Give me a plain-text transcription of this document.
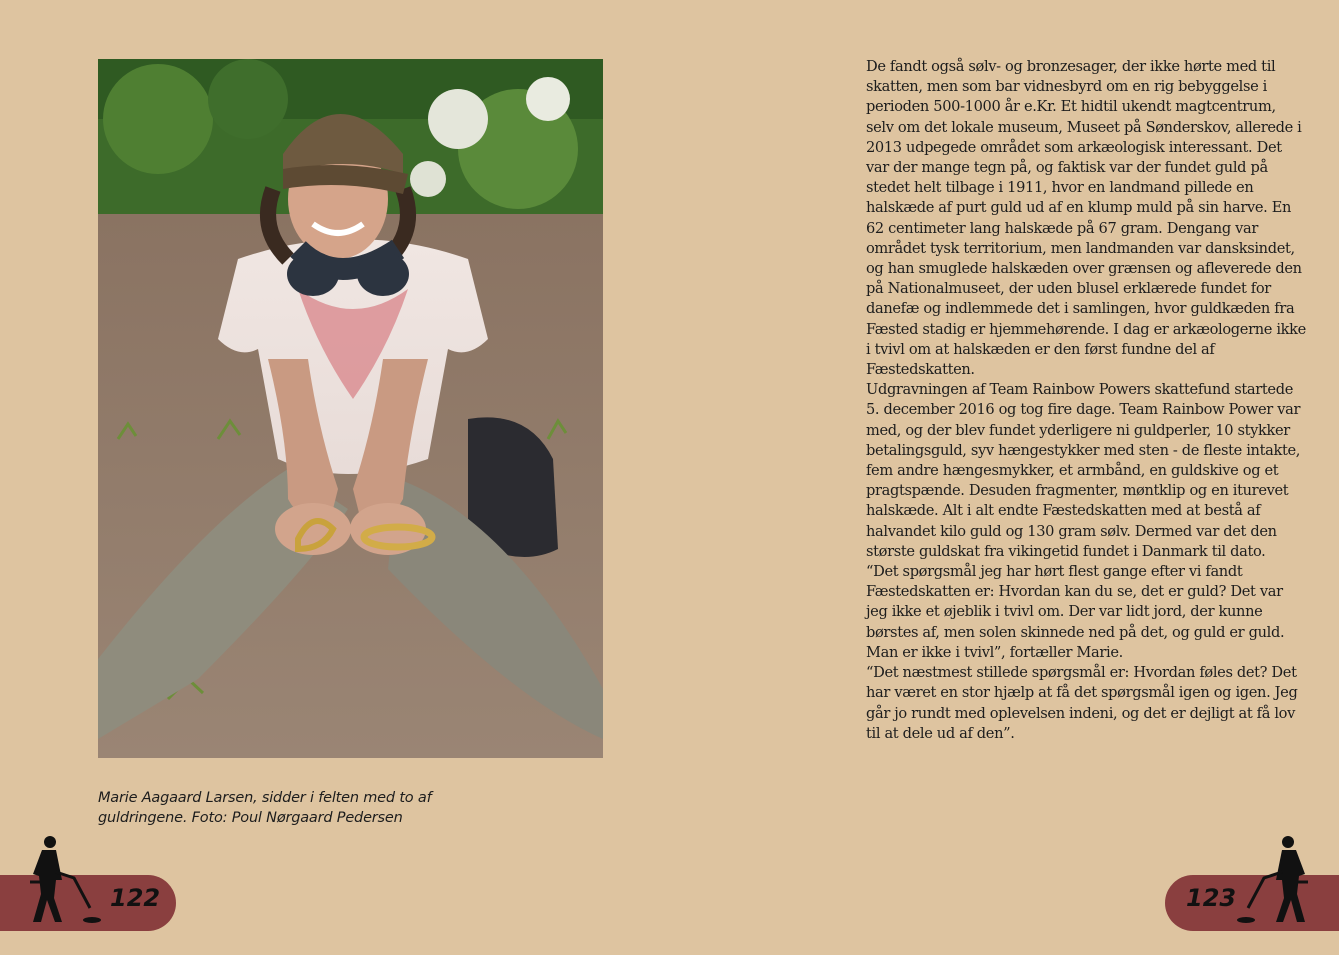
Marie Aagaard Larsen, sidder i felten med to af guldringene. Foto: Poul Nørgaard Pedersen
122

De fandt også sølv- og bronzesager, der ikke hørte med til skatten, men som bar vidnesbyrd om en rig bebyggelse i perioden 500-1000 år e.Kr. Et hidtil ukendt magtcentrum, selv om det lokale museum, Museet på Sønderskov, allerede i 2013 udpegede området som arkæologisk interessant. Det var der mange tegn på, og faktisk var der fundet guld på stedet helt tilbage i 1911, hvor en landmand pillede en halskæde af purt guld ud af en klump muld på sin harve. En 62 centimeter lang halskæde på 67 gram. Dengang var området tysk territorium, men landmanden var dansksindet, og han smuglede halskæden over grænsen og afleverede den på Nationalmuseet, der uden blusel erklærede fundet for danefæ og indlemmede det i samlingen, hvor guldkæden fra Fæsted stadig er hjemmehørende. I dag er arkæologerne ikke i tvivl om at halskæden er den først fundne del af Fæstedskatten.

Udgravningen af Team Rainbow Powers skattefund startede 5. december 2016 og tog fire dage. Team Rainbow Power var med, og der blev fundet yderligere ni guldperler, 10 stykker betalingsguld, syv hængestykker med sten - de fleste intakte, fem andre hængesmykker, et armbånd, en guldskive og et pragtspænde. Desuden fragmenter, møntklip og en iturevet halskæde. Alt i alt endte Fæstedskatten med at bestå af halvandet kilo guld og 130 gram sølv. Dermed var det den største guldskat fra vikingetid fundet i Danmark til dato.

“Det spørgsmål jeg har hørt flest gange efter vi fandt Fæstedskatten er: Hvordan kan du se, det er guld? Det var jeg ikke et øjeblik i tvivl om. Der var lidt jord, der kunne børstes af, men solen skinnede ned på det, og guld er guld. Man er ikke i tvivl”, fortæller Marie.

“Det næstmest stillede spørgsmål er: Hvordan føles det? Det har været en stor hjælp at få det spørgsmål igen og igen. Jeg går jo rundt med oplevelsen indeni, og det er dejligt at få lov til at dele ud af den”.

123
